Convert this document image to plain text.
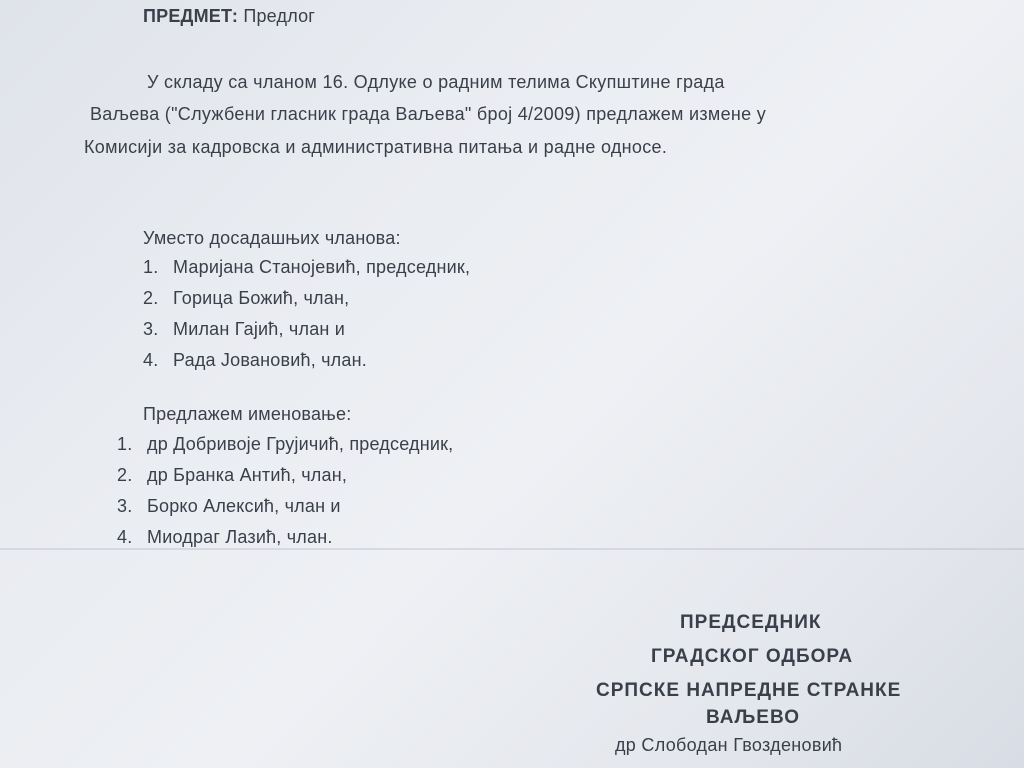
ПРЕДМЕТ: Предлог
У складу са чланом 16. Одлуке о радним телима Скупштине града
Ваљева ("Службени гласник града Ваљева" број 4/2009) предлажем измене у
Комисији за кадровска и административна питања и радне односе.
Уместо досадашњих чланова:
1. Маријана Станојевић, председник,
2. Горица Божић, члан,
3. Милан Гајић, члан и
4. Рада Јовановић, члан.
Предлажем именовање:
1. др Добривоје Грујичић, председник,
2. др Бранка Антић, члан,
3. Борко Алексић, члан и
4. Миодраг Лазић, члан.
ПРЕДСЕДНИК
ГРАДСКОГ ОДБОРА
СРПСКЕ НАПРЕДНЕ СТРАНКЕ
ВАЉЕВО
др Слободан Гвозденовић
